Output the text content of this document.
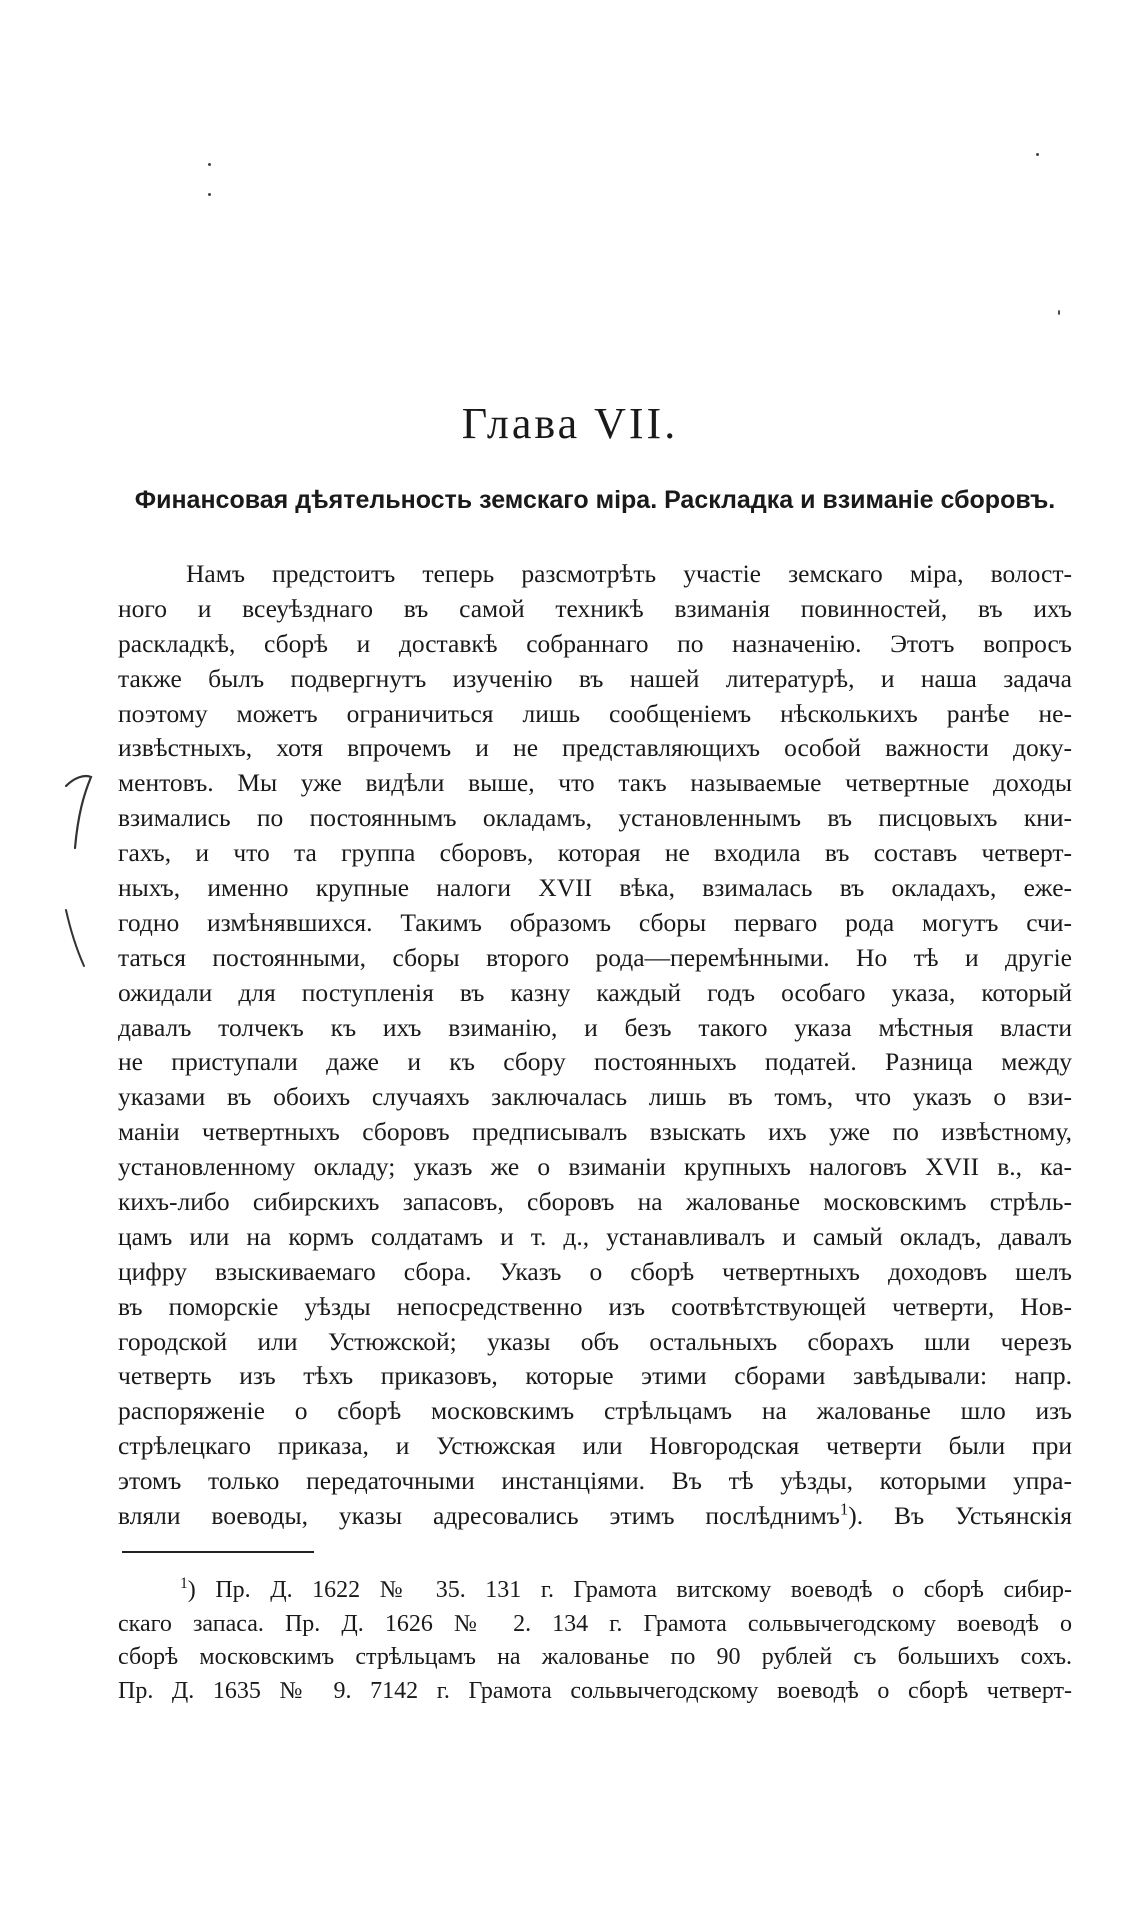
Глава VII.
Финансовая дѣятельность земскаго міра. Раскладка и взиманіе сборовъ.
Намъ предстоитъ теперь разсмотрѣть участіе земскаго міра, волост-
ного и всеуѣзднаго въ самой техникѣ взиманія повинностей, въ ихъ
раскладкѣ, сборѣ и доставкѣ собраннаго по назначенію. Этотъ вопросъ
также былъ подвергнутъ изученію въ нашей литературѣ, и наша задача
поэтому можетъ ограничиться лишь сообщеніемъ нѣсколькихъ ранѣе не-
извѣстныхъ, хотя впрочемъ и не представляющихъ особой важности доку-
ментовъ. Мы уже видѣли выше, что такъ называемые четвертные доходы
взимались по постояннымъ окладамъ, установленнымъ въ писцовыхъ кни-
гахъ, и что та группа сборовъ, которая не входила въ составъ четверт-
ныхъ, именно крупные налоги XVII вѣка, взималась въ окладахъ, еже-
годно измѣнявшихся. Такимъ образомъ сборы перваго рода могутъ счи-
таться постоянными, сборы второго рода—перемѣнными. Но тѣ и другіе
ожидали для поступленія въ казну каждый годъ особаго указа, который
давалъ толчекъ къ ихъ взиманію, и безъ такого указа мѣстныя власти
не приступали даже и къ сбору постоянныхъ податей. Разница между
указами въ обоихъ случаяхъ заключалась лишь въ томъ, что указъ о взи-
маніи четвертныхъ сборовъ предписывалъ взыскать ихъ уже по извѣстному,
установленному окладу; указъ же о взиманіи крупныхъ налоговъ XVII в., ка-
кихъ-либо сибирскихъ запасовъ, сборовъ на жалованье московскимъ стрѣль-
цамъ или на кормъ солдатамъ и т. д., устанавливалъ и самый окладъ, давалъ
цифру взыскиваемаго сбора. Указъ о сборѣ четвертныхъ доходовъ шелъ
въ поморскіе уѣзды непосредственно изъ соотвѣтствующей четверти, Нов-
городской или Устюжской; указы объ остальныхъ сборахъ шли черезъ
четверть изъ тѣхъ приказовъ, которые этими сборами завѣдывали: напр.
распоряженіе о сборѣ московскимъ стрѣльцамъ на жалованье шло изъ
стрѣлецкаго приказа, и Устюжская или Новгородская четверти были при
этомъ только передаточными инстанціями. Въ тѣ уѣзды, которыми упра-
вляли воеводы, указы адресовались этимъ послѣднимъ$^1$). Въ Устьянскія
$^1$) Пр. Д. 1622 № 35. 131 г. Грамота витскому воеводѣ о сборѣ сибир-
скаго запаса. Пр. Д. 1626 № 2. 134 г. Грамота сольвычегодскому воеводѣ о
сборѣ московскимъ стрѣльцамъ на жалованье по 90 рублей съ большихъ сохъ.
Пр. Д. 1635 № 9. 7142 г. Грамота сольвычегодскому воеводѣ о сборѣ четверт-
